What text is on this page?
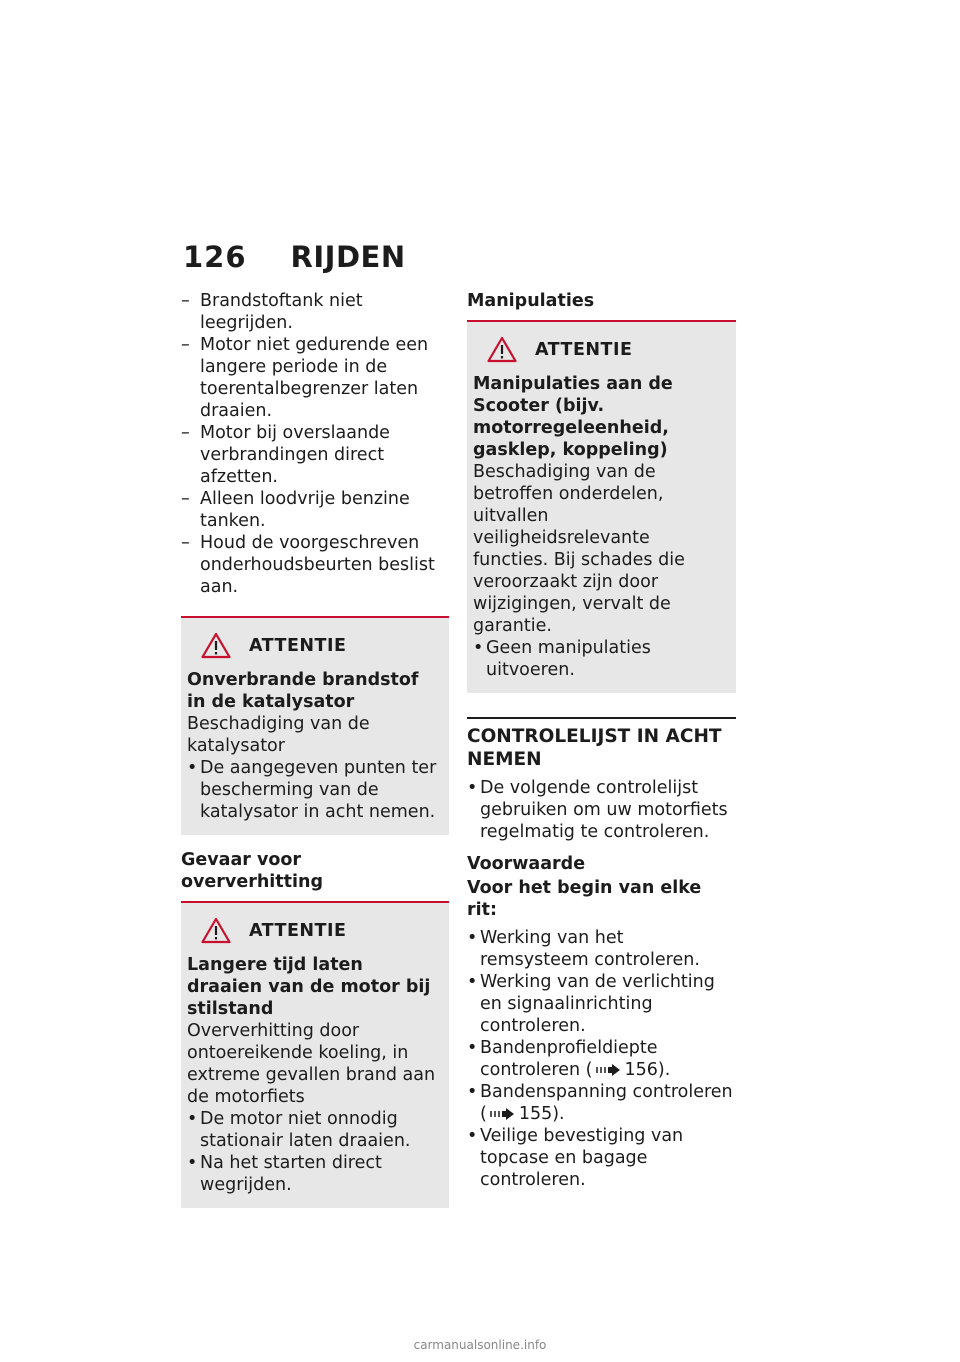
126 RIJDEN
– Brandstoftank niet leegrijden.
– Motor niet gedurende een langere periode in de toerentalbegrenzer laten draaien.
– Motor bij overslaande verbrandingen direct afzetten.
– Alleen loodvrije benzine tanken.
– Houd de voorgeschreven onderhoudsbeurten beslist aan.
ATTENTIE
Onverbrande brandstof in de katalysator
Beschadiging van de katalysator
• De aangegeven punten ter bescherming van de katalysator in acht nemen.
Gevaar voor oververhitting
ATTENTIE
Langere tijd laten draaien van de motor bij stilstand
Oververhitting door ontoereikende koeling, in extreme gevallen brand aan de motorfiets
• De motor niet onnodig stationair laten draaien.
• Na het starten direct wegrijden.
Manipulaties
ATTENTIE
Manipulaties aan de Scooter (bijv. motorregeleenheid, gasklep, koppeling)
Beschadiging van de betroffen onderdelen, uitvallen veiligheidsrelevante functies. Bij schades die veroorzaakt zijn door wijzigingen, vervalt de garantie.
• Geen manipulaties uitvoeren.
CONTROLELIJST IN ACHT NEMEN
• De volgende controlelijst gebruiken om uw motorfiets regelmatig te controleren.
Voorwaarde
Voor het begin van elke rit:
• Werking van het remsysteem controleren.
• Werking van de verlichting en signaalinrichting controleren.
• Bandenprofieldiepte controleren ( 156).
• Bandenspanning controleren ( 155).
• Veilige bevestiging van topcase en bagage controleren.
carmanualsonline.info
